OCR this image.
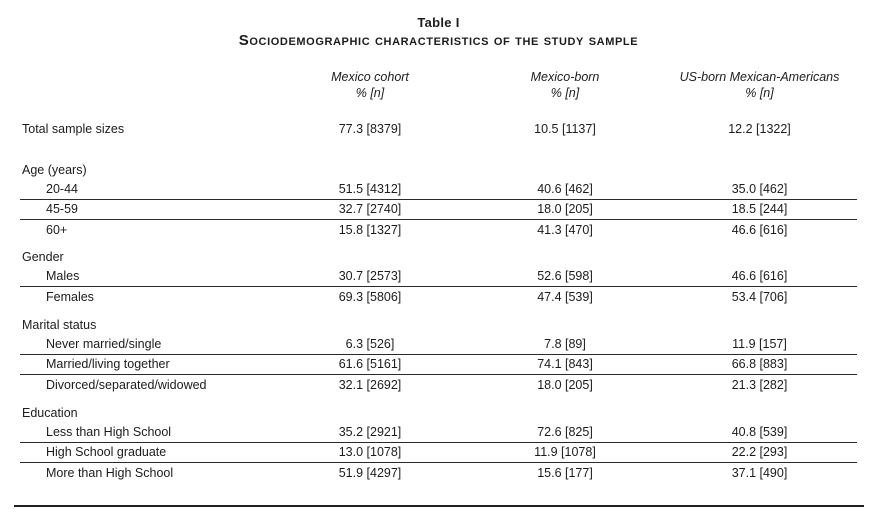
Table I
Sociodemographic characteristics of the study sample
Mexico cohort
% [n]
Mexico-born
% [n]
US-born Mexican-Americans
% [n]
Total sample sizes	77.3 [8379]	10.5 [1137]	12.2 [1322]
Age (years)
20-44	51.5 [4312]	40.6 [462]	35.0 [462]
45-59	32.7 [2740]	18.0 [205]	18.5 [244]
60+	15.8 [1327]	41.3 [470]	46.6 [616]
Gender
Males	30.7 [2573]	52.6 [598]	46.6 [616]
Females	69.3 [5806]	47.4 [539]	53.4 [706]
Marital status
Never married/single	6.3 [526]	7.8 [89]	11.9 [157]
Married/living together	61.6 [5161]	74.1 [843]	66.8 [883]
Divorced/separated/widowed	32.1 [2692]	18.0 [205]	21.3 [282]
Education
Less than High School	35.2 [2921]	72.6 [825]	40.8 [539]
High School graduate	13.0 [1078]	11.9 [1078]	22.2 [293]
More than High School	51.9 [4297]	15.6 [177]	37.1 [490]
